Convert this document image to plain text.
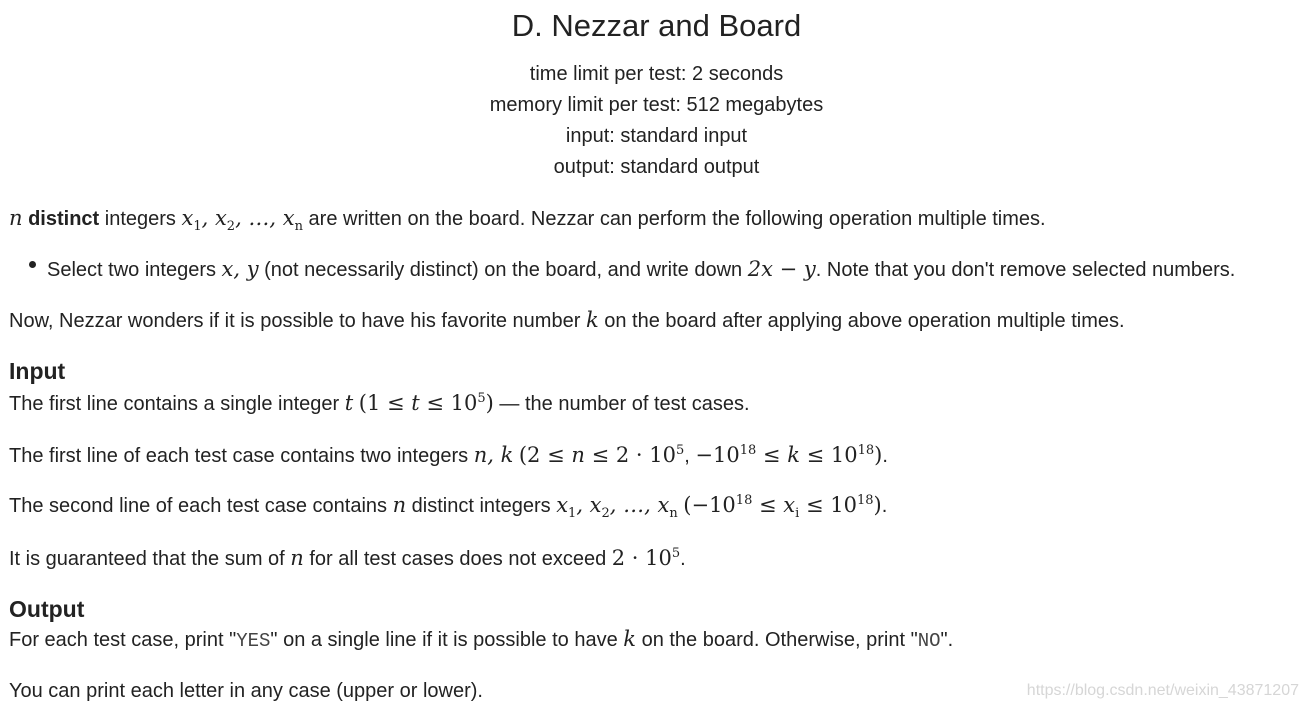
D. Nezzar and Board
time limit per test: 2 seconds
memory limit per test: 512 megabytes
input: standard input
output: standard output
n distinct integers $x_1$, $x_2$, …, $x_n$ are written on the board. Nezzar can perform the following operation multiple times.
Select two integers x, y (not necessarily distinct) on the board, and write down 2x − y. Note that you don't remove selected numbers.
Now, Nezzar wonders if it is possible to have his favorite number k on the board after applying above operation multiple times.
Input
The first line contains a single integer t $(1 \le t \le 10^5)$ — the number of test cases.
The first line of each test case contains two integers n, k ($2 \le n \le 2 \cdot 10^5$, $-10^{18} \le k \le 10^{18}$).
The second line of each test case contains n distinct integers $x_1$, $x_2$, …, $x_n$ $(-10^{18} \le x_i \le 10^{18})$.
It is guaranteed that the sum of n for all test cases does not exceed $2 \cdot 10^5$.
Output
For each test case, print "YES" on a single line if it is possible to have k on the board. Otherwise, print "NO".
You can print each letter in any case (upper or lower).	https://blog.csdn.net/weixin_43871207
